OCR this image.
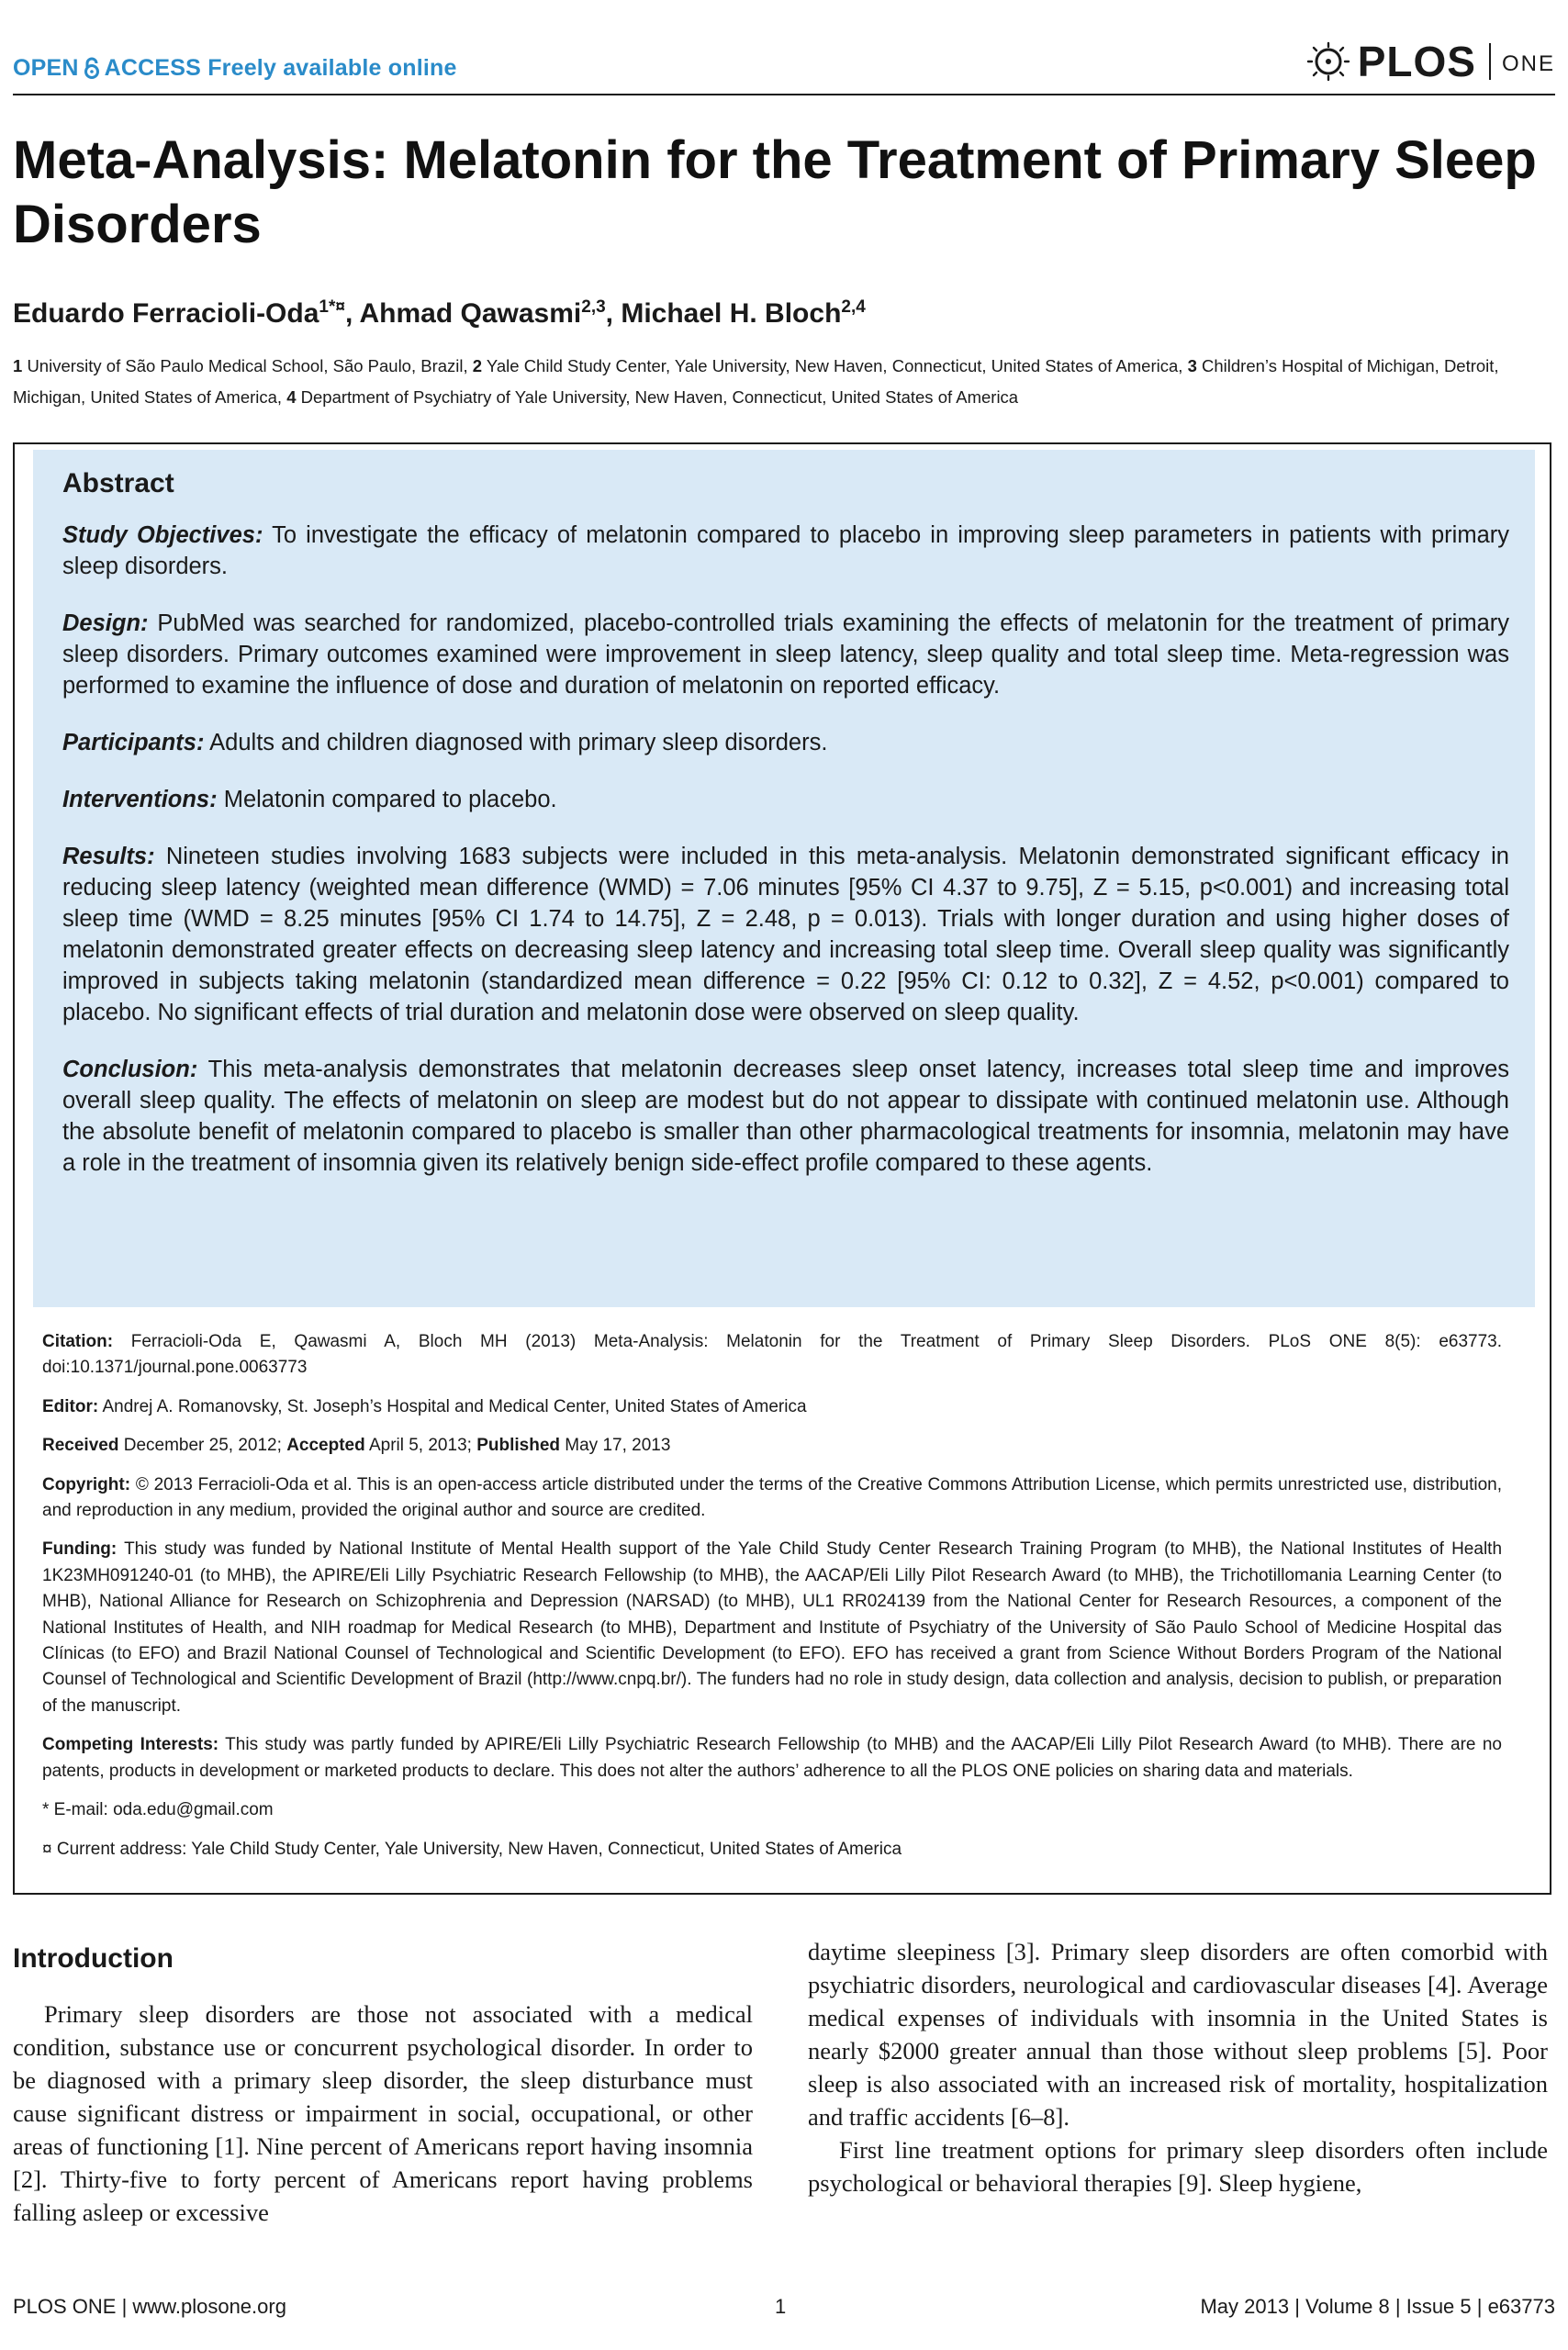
OPEN ACCESS Freely available online	PLOS ONE
Meta-Analysis: Melatonin for the Treatment of Primary Sleep Disorders
Eduardo Ferracioli-Oda$^{1*¤}$, Ahmad Qawasmi$^{2,3}$, Michael H. Bloch$^{2,4}$

1 University of São Paulo Medical School, São Paulo, Brazil, 2 Yale Child Study Center, Yale University, New Haven, Connecticut, United States of America, 3 Children’s Hospital of Michigan, Detroit, Michigan, United States of America, 4 Department of Psychiatry of Yale University, New Haven, Connecticut, United States of America

Abstract

Study Objectives: To investigate the efficacy of melatonin compared to placebo in improving sleep parameters in patients with primary sleep disorders.

Design: PubMed was searched for randomized, placebo-controlled trials examining the effects of melatonin for the treatment of primary sleep disorders. Primary outcomes examined were improvement in sleep latency, sleep quality and total sleep time. Meta-regression was performed to examine the influence of dose and duration of melatonin on reported efficacy.

Participants: Adults and children diagnosed with primary sleep disorders.

Interventions: Melatonin compared to placebo.

Results: Nineteen studies involving 1683 subjects were included in this meta-analysis. Melatonin demonstrated significant efficacy in reducing sleep latency (weighted mean difference (WMD) = 7.06 minutes [95% CI 4.37 to 9.75], Z = 5.15, p<0.001) and increasing total sleep time (WMD = 8.25 minutes [95% CI 1.74 to 14.75], Z = 2.48, p = 0.013). Trials with longer duration and using higher doses of melatonin demonstrated greater effects on decreasing sleep latency and increasing total sleep time. Overall sleep quality was significantly improved in subjects taking melatonin (standardized mean difference = 0.22 [95% CI: 0.12 to 0.32], Z = 4.52, p<0.001) compared to placebo. No significant effects of trial duration and melatonin dose were observed on sleep quality.

Conclusion: This meta-analysis demonstrates that melatonin decreases sleep onset latency, increases total sleep time and improves overall sleep quality. The effects of melatonin on sleep are modest but do not appear to dissipate with continued melatonin use. Although the absolute benefit of melatonin compared to placebo is smaller than other pharmacological treatments for insomnia, melatonin may have a role in the treatment of insomnia given its relatively benign side-effect profile compared to these agents.

Citation: Ferracioli-Oda E, Qawasmi A, Bloch MH (2013) Meta-Analysis: Melatonin for the Treatment of Primary Sleep Disorders. PLoS ONE 8(5): e63773. doi:10.1371/journal.pone.0063773

Editor: Andrej A. Romanovsky, St. Joseph’s Hospital and Medical Center, United States of America

Received December 25, 2012; Accepted April 5, 2013; Published May 17, 2013

Copyright: © 2013 Ferracioli-Oda et al. This is an open-access article distributed under the terms of the Creative Commons Attribution License, which permits unrestricted use, distribution, and reproduction in any medium, provided the original author and source are credited.

Funding: This study was funded by National Institute of Mental Health support of the Yale Child Study Center Research Training Program (to MHB), the National Institutes of Health 1K23MH091240-01 (to MHB), the APIRE/Eli Lilly Psychiatric Research Fellowship (to MHB), the AACAP/Eli Lilly Pilot Research Award (to MHB), the Trichotillomania Learning Center (to MHB), National Alliance for Research on Schizophrenia and Depression (NARSAD) (to MHB), UL1 RR024139 from the National Center for Research Resources, a component of the National Institutes of Health, and NIH roadmap for Medical Research (to MHB), Department and Institute of Psychiatry of the University of São Paulo School of Medicine Hospital das Clínicas (to EFO) and Brazil National Counsel of Technological and Scientific Development (to EFO). EFO has received a grant from Science Without Borders Program of the National Counsel of Technological and Scientific Development of Brazil (http://www.cnpq.br/). The funders had no role in study design, data collection and analysis, decision to publish, or preparation of the manuscript.

Competing Interests: This study was partly funded by APIRE/Eli Lilly Psychiatric Research Fellowship (to MHB) and the AACAP/Eli Lilly Pilot Research Award (to MHB). There are no patents, products in development or marketed products to declare. This does not alter the authors’ adherence to all the PLOS ONE policies on sharing data and materials.

* E-mail: oda.edu@gmail.com

¤ Current address: Yale Child Study Center, Yale University, New Haven, Connecticut, United States of America

Introduction

Primary sleep disorders are those not associated with a medical condition, substance use or concurrent psychological disorder. In order to be diagnosed with a primary sleep disorder, the sleep disturbance must cause significant distress or impairment in social, occupational, or other areas of functioning [1]. Nine percent of Americans report having insomnia [2]. Thirty-five to forty percent of Americans report having problems falling asleep or excessive

daytime sleepiness [3]. Primary sleep disorders are often comorbid with psychiatric disorders, neurological and cardiovascular diseases [4]. Average medical expenses of individuals with insomnia in the United States is nearly $2000 greater annual than those without sleep problems [5]. Poor sleep is also associated with an increased risk of mortality, hospitalization and traffic accidents [6–8].

First line treatment options for primary sleep disorders often include psychological or behavioral therapies [9]. Sleep hygiene,

PLOS ONE | www.plosone.org	1	May 2013 | Volume 8 | Issue 5 | e63773
